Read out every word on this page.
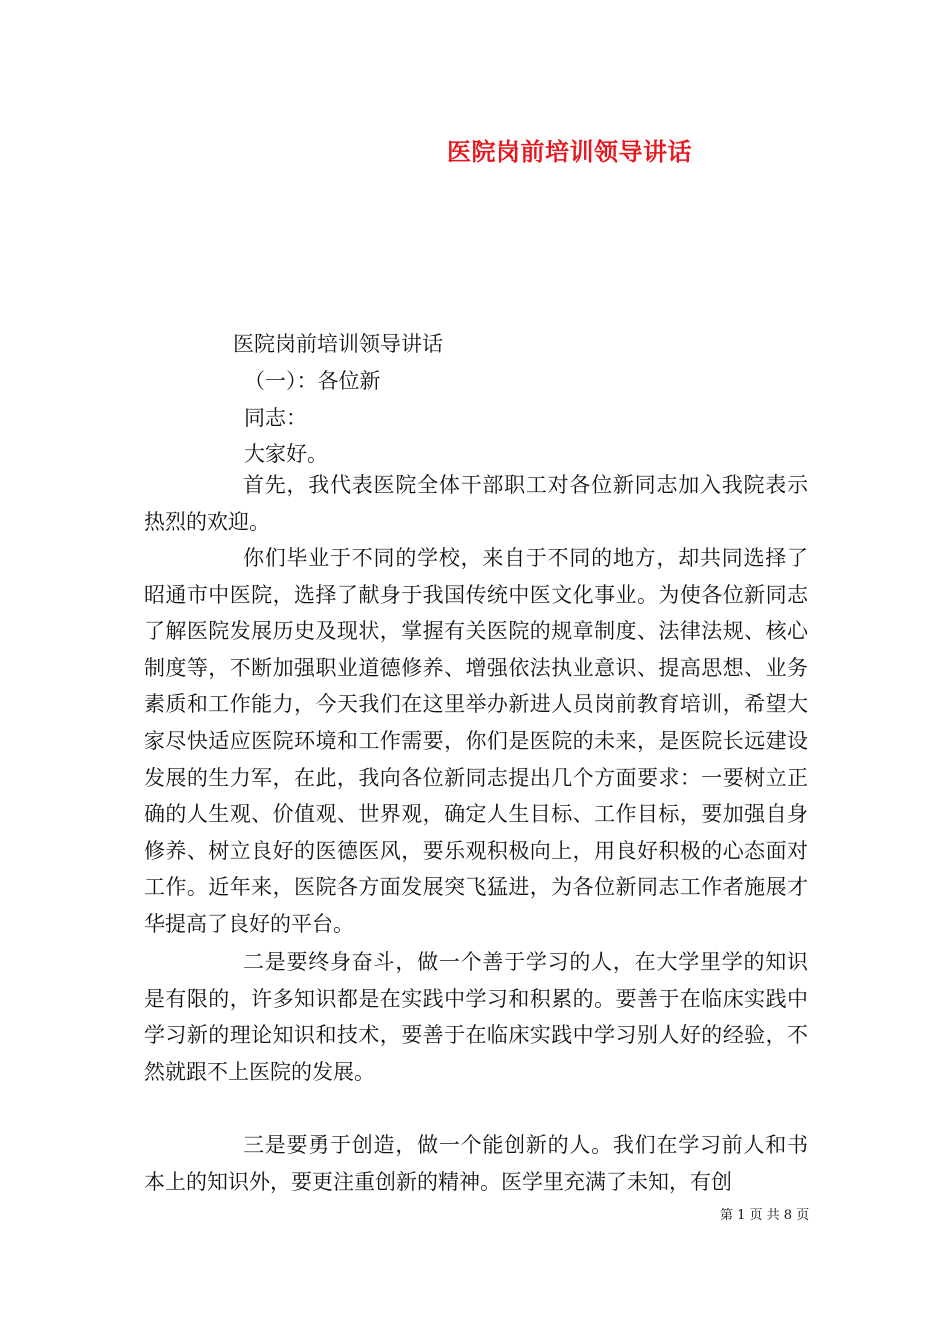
医院岗前培训领导讲话
医院岗前培训领导讲话
（一）：各位新
同志：
大家好。

首先，我代表医院全体干部职工对各位新同志加入我院表示热烈的欢迎。

你们毕业于不同的学校，来自于不同的地方，却共同选择了昭通市中医院，选择了献身于我国传统中医文化事业。为使各位新同志了解医院发展历史及现状，掌握有关医院的规章制度、法律法规、核心制度等，不断加强职业道德修养、增强依法执业意识、提高思想、业务素质和工作能力，今天我们在这里举办新进人员岗前教育培训，希望大家尽快适应医院环境和工作需要，你们是医院的未来，是医院长远建设发展的生力军，在此，我向各位新同志提出几个方面要求：一要树立正确的人生观、价值观、世界观，确定人生目标、工作目标，要加强自身修养、树立良好的医德医风，要乐观积极向上，用良好积极的心态面对工作。近年来，医院各方面发展突飞猛进，为各位新同志工作者施展才华提高了良好的平台。

二是要终身奋斗，做一个善于学习的人，在大学里学的知识是有限的，许多知识都是在实践中学习和积累的。要善于在临床实践中学习新的理论知识和技术，要善于在临床实践中学习别人好的经验，不然就跟不上医院的发展。

三是要勇于创造，做一个能创新的人。我们在学习前人和书本上的知识外，要更注重创新的精神。医学里充满了未知，有创

第 1 页 共 8 页
